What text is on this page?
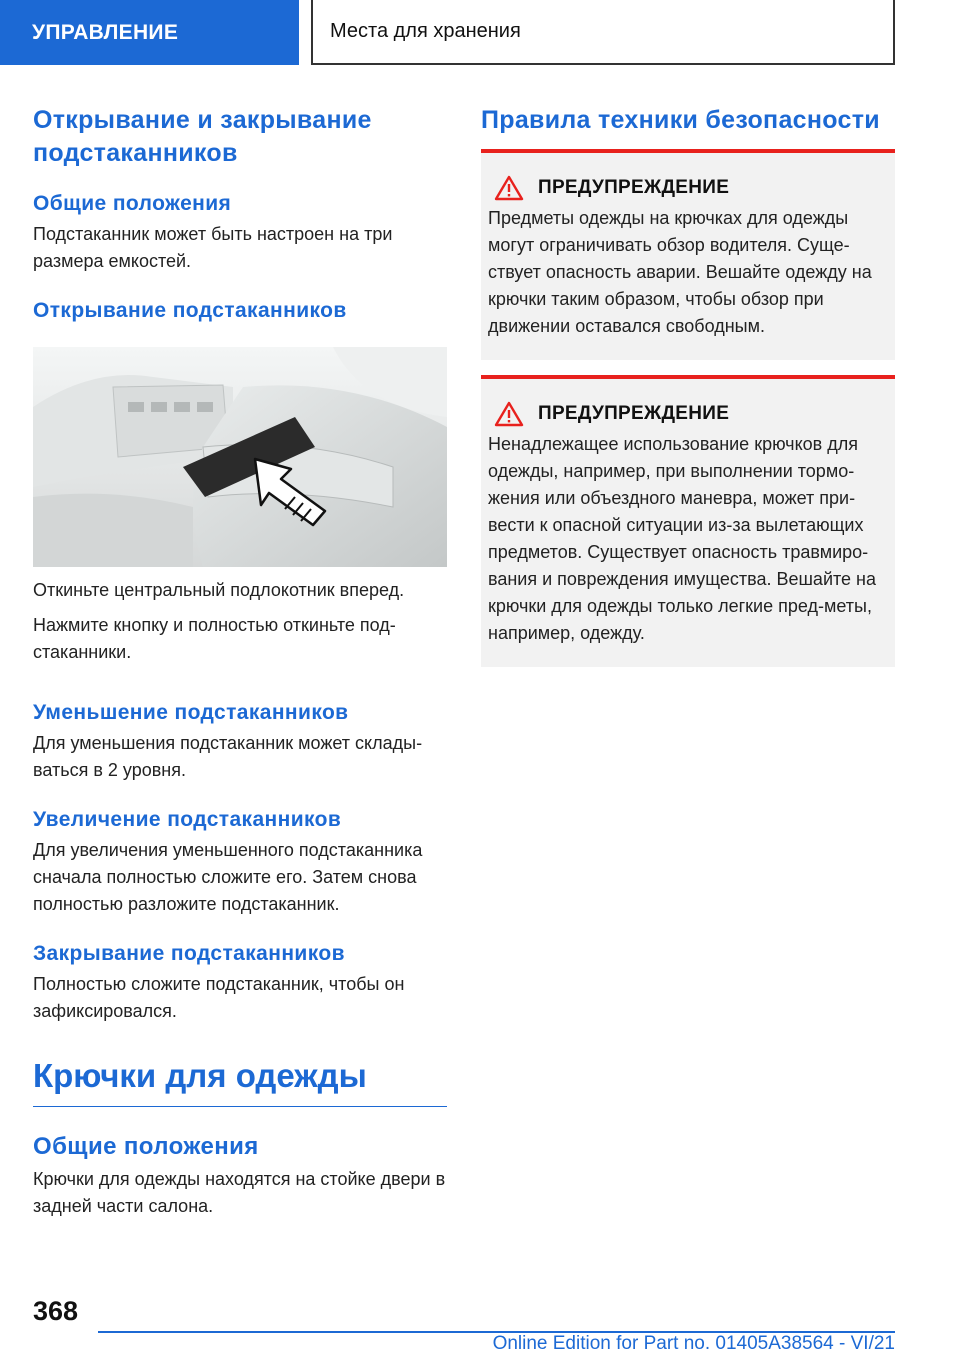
УПРАВЛЕНИЕ	Места для хранения
Открывание и закрывание подстаканников
Общие положения

Подстаканник может быть настроен на три размера емкостей.

Открывание подстаканников

Откиньте центральный подлокотник вперед.

Нажмите кнопку и полностью откиньте под-стаканники.

Уменьшение подстаканников

Для уменьшения подстаканник может склады-ваться в 2 уровня.

Увеличение подстаканников

Для увеличения уменьшенного подстаканника сначала полностью сложите его. Затем снова полностью разложите подстаканник.

Закрывание подстаканников

Полностью сложите подстаканник, чтобы он зафиксировался.

Крючки для одежды
Общие положения

Крючки для одежды находятся на стойке двери в задней части салона.

Правила техники безопасности
ПРЕДУПРЕЖДЕНИЕ

Предметы одежды на крючках для одежды могут ограничивать обзор водителя. Суще-ствует опасность аварии. Вешайте одежду на крючки таким образом, чтобы обзор при движении оставался свободным.

ПРЕДУПРЕЖДЕНИЕ

Ненадлежащее использование крючков для одежды, например, при выполнении тормо-жения или объездного маневра, может при-вести к опасной ситуации из-за вылетающих предметов. Существует опасность травмиро-вания и повреждения имущества. Вешайте на крючки для одежды только легкие пред-меты, например, одежду.

368
Online Edition for Part no. 01405A38564 - VI/21
